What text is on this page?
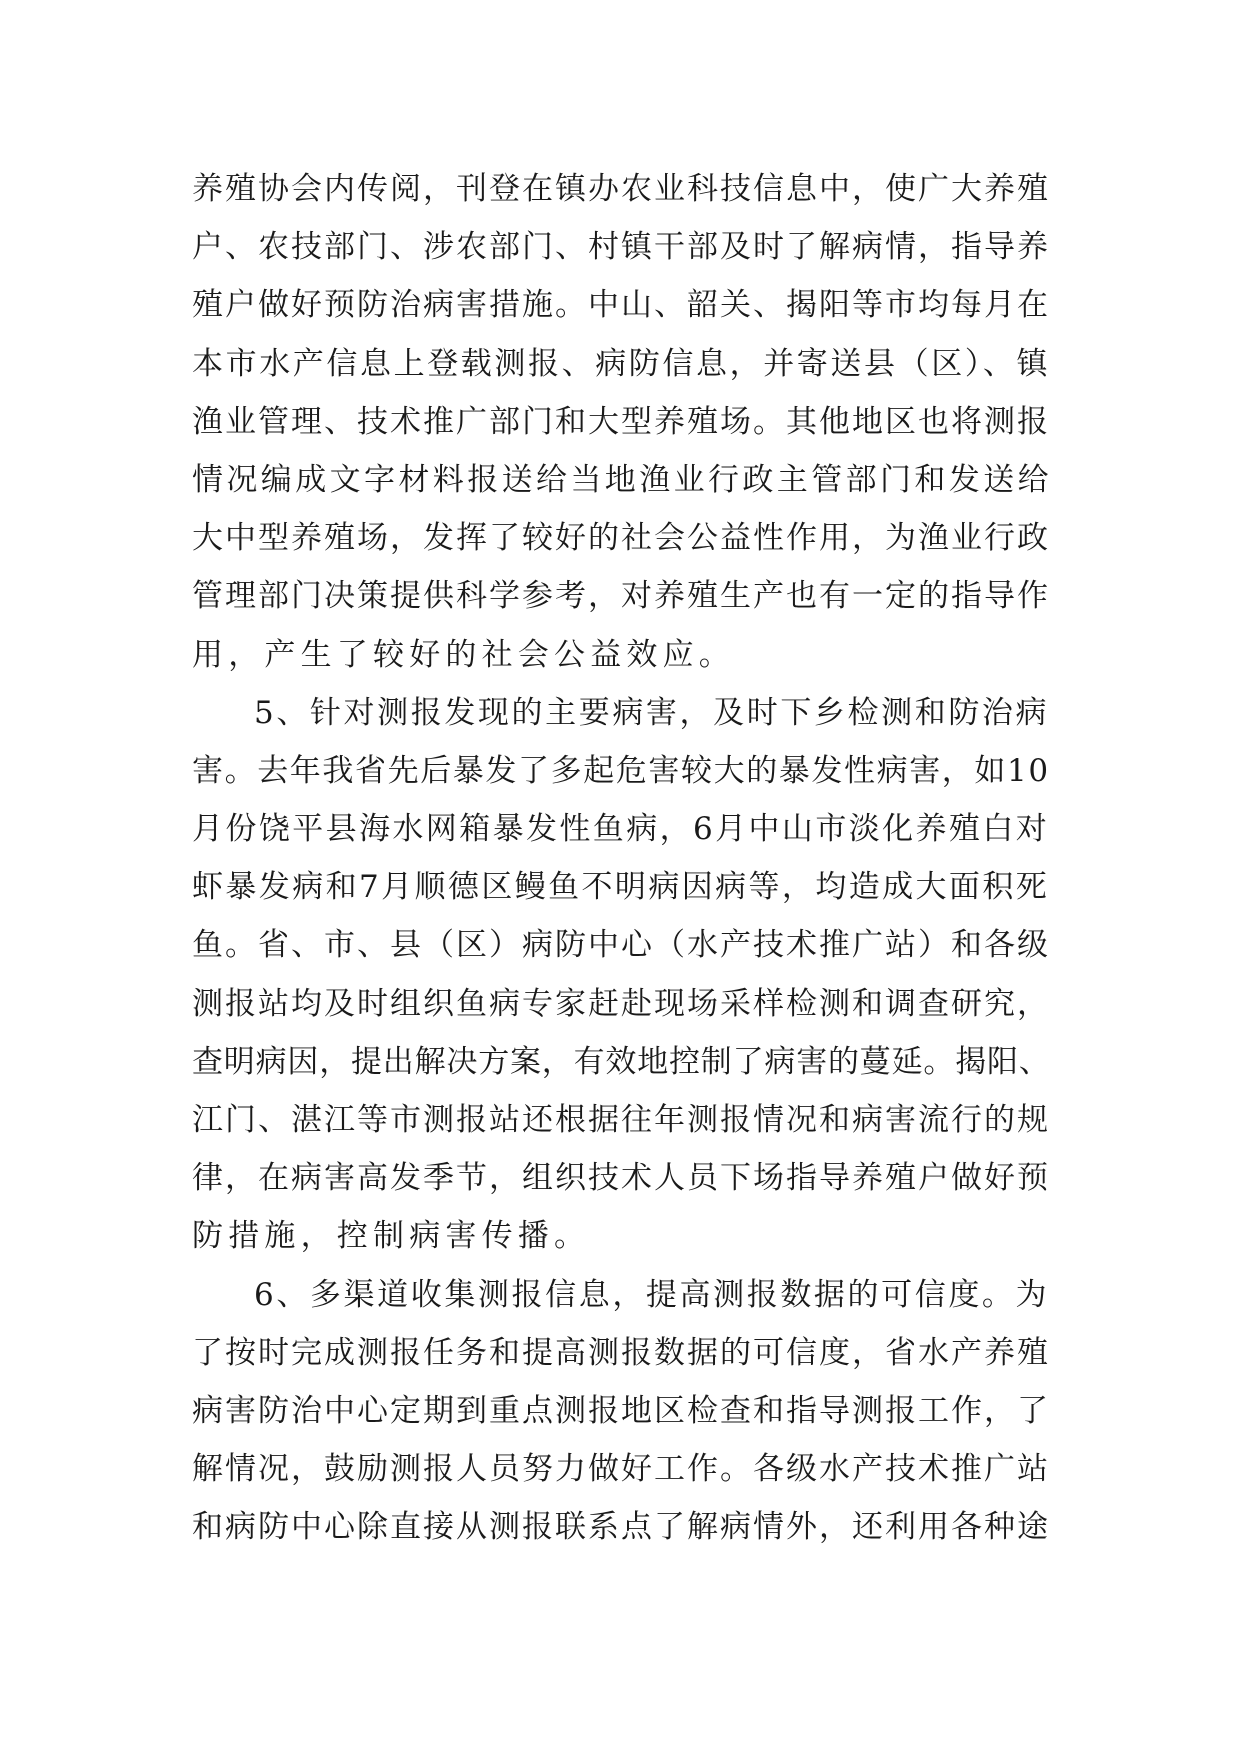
养殖协会内传阅，刊登在镇办农业科技信息中，使广大养殖
户、农技部门、涉农部门、村镇干部及时了解病情，指导养
殖户做好预防治病害措施。中山、韶关、揭阳等市均每月在
本市水产信息上登载测报、病防信息，并寄送县（区）、镇
渔业管理、技术推广部门和大型养殖场。其他地区也将测报
情况编成文字材料报送给当地渔业行政主管部门和发送给
大中型养殖场，发挥了较好的社会公益性作用，为渔业行政
管理部门决策提供科学参考，对养殖生产也有一定的指导作
用，产生了较好的社会公益效应。
5、针对测报发现的主要病害，及时下乡检测和防治病
害。去年我省先后暴发了多起危害较大的暴发性病害，如10
月份饶平县海水网箱暴发性鱼病，6月中山市淡化养殖白对
虾暴发病和7月顺德区鳗鱼不明病因病等，均造成大面积死
鱼。省、市、县（区）病防中心（水产技术推广站）和各级
测报站均及时组织鱼病专家赶赴现场采样检测和调查研究，
查明病因，提出解决方案，有效地控制了病害的蔓延。揭阳、
江门、湛江等市测报站还根据往年测报情况和病害流行的规
律，在病害高发季节，组织技术人员下场指导养殖户做好预
防措施，控制病害传播。
6、多渠道收集测报信息，提高测报数据的可信度。为
了按时完成测报任务和提高测报数据的可信度，省水产养殖
病害防治中心定期到重点测报地区检查和指导测报工作，了
解情况，鼓励测报人员努力做好工作。各级水产技术推广站
和病防中心除直接从测报联系点了解病情外，还利用各种途
